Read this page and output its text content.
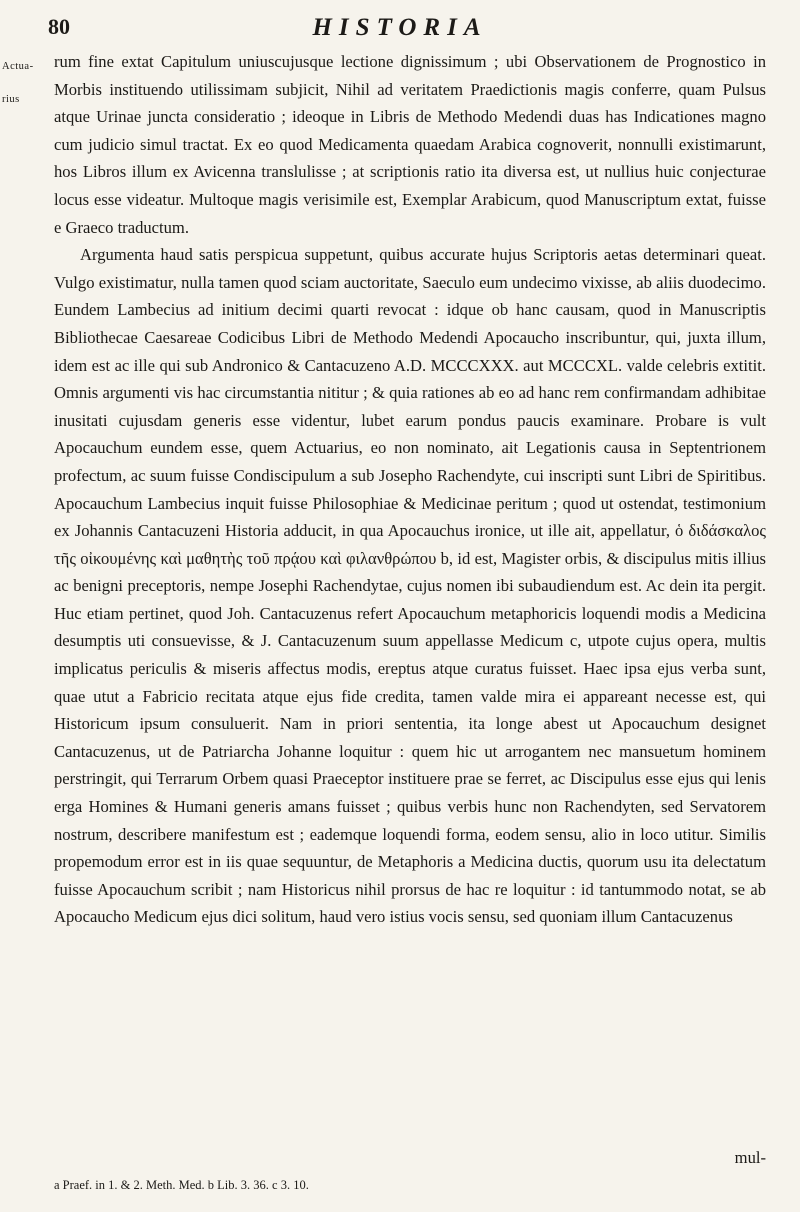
80	HISTORIA
Actua-rius

rum fine extat Capitulum uniuscujusque lectione dignissimum ; ubi Observationem de Prognostico in Morbis instituendo utilissimam subjicit, Nihil ad veritatem Praedictionis magis conferre, quam Pulsus atque Urinae juncta consideratio ; ideoque in Libris de Methodo Medendi duas has Indicationes magno cum judicio simul tractat. Ex eo quod Medicamenta quaedam Arabica cognoverit, nonnulli existimarunt, hos Libros illum ex Avicenna translulisse ; at scriptionis ratio ita diversa est, ut nullius huic conjecturae locus esse videatur. Multoque magis verisimile est, Exemplar Arabicum, quod Manuscriptum extat, fuisse e Graeco traductum.

Argumenta haud satis perspicua suppetunt, quibus accurate hujus Scriptoris aetas determinari queat. Vulgo existimatur, nulla tamen quod sciam auctoritate, Saeculo eum undecimo vixisse, ab aliis duodecimo. Eundem Lambecius ad initium decimi quarti revocat : idque ob hanc causam, quod in Manuscriptis Bibliothecae Caesareae Codicibus Libri de Methodo Medendi Apocaucho inscribuntur, qui, juxta illum, idem est ac ille qui sub Andronico & Cantacuzeno A.D. MCCCXXX. aut MCCCXL. valde celebris extitit. Omnis argumenti vis hac circumstantia nititur ; & quia rationes ab eo ad hanc rem confirmandam adhibitae inusitati cujusdam generis esse videntur, lubet earum pondus paucis examinare. Probare is vult Apocauchum eundem esse, quem Actuarius, eo non nominato, ait Legationis causa in Septentrionem profectum, ac suum fuisse Condiscipulum a sub Josepho Rachendyte, cui inscripti sunt Libri de Spiritibus. Apocauchum Lambecius inquit fuisse Philosophiae & Medicinae peritum ; quod ut ostendat, testimonium ex Johannis Cantacuzeni Historia adducit, in qua Apocauchus ironice, ut ille ait, appellatur, ὁ διδάσκαλος τῆς οἰκουμένης καὶ μαθητὴς τοῦ πρᾴου καὶ φιλανθρώπου b, id est, Magister orbis, & discipulus mitis illius ac benigni preceptoris, nempe Josephi Rachendytae, cujus nomen ibi subaudiendum est. Ac dein ita pergit. Huc etiam pertinet, quod Joh. Cantacuzenus refert Apocauchum metaphoricis loquendi modis a Medicina desumptis uti consuevisse, & J. Cantacuzenum suum appellasse Medicum c, utpote cujus opera, multis implicatus periculis & miseris affectus modis, ereptus atque curatus fuisset. Haec ipsa ejus verba sunt, quae utut a Fabricio recitata atque ejus fide credita, tamen valde mira ei appareant necesse est, qui Historicum ipsum consuluerit. Nam in priori sententia, ita longe abest ut Apocauchum designet Cantacuzenus, ut de Patriarcha Johanne loquitur : quem hic ut arrogantem nec mansuetum hominem perstringit, qui Terrarum Orbem quasi Praeceptor instituere prae se ferret, ac Discipulus esse ejus qui lenis erga Homines & Humani generis amans fuisset ; quibus verbis hunc non Rachendyten, sed Servatorem nostrum, describere manifestum est ; eademque loquendi forma, eodem sensu, alio in loco utitur. Similis propemodum error est in iis quae sequuntur, de Metaphoris a Medicina ductis, quorum usu ita delectatum fuisse Apocauchum scribit ; nam Historicus nihil prorsus de hac re loquitur : id tantummodo notat, se ab Apocaucho Medicum ejus dici solitum, haud vero istius vocis sensu, sed quoniam illum Cantacuzenus

mul-
a Praef. in 1. & 2. Meth. Med. b Lib. 3. 36. c 3. 10.
